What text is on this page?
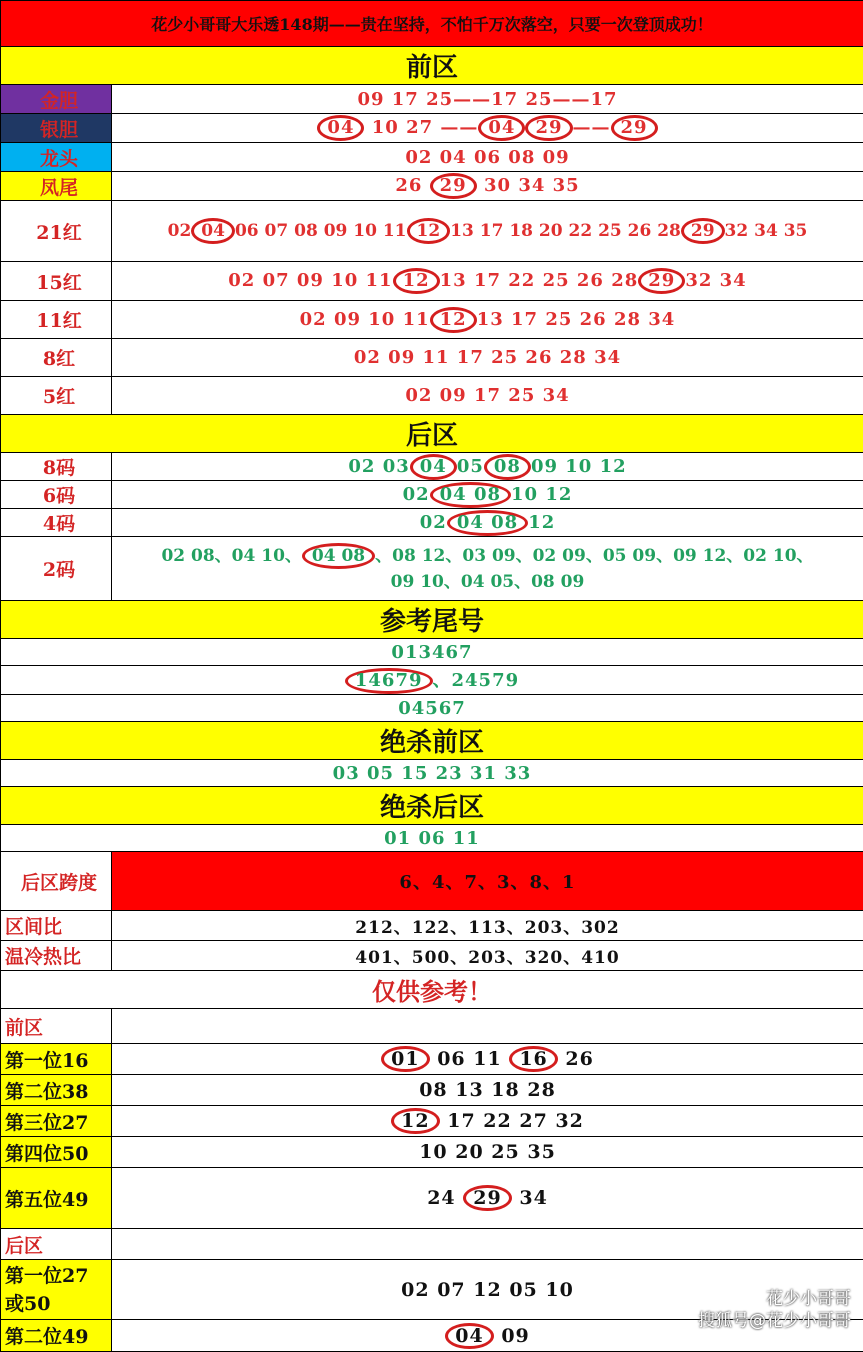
花少小哥哥大乐透148期——贵在坚持，不怕千万次落空，只要一次登顶成功！	
前区	
金胆	09 17 25——17 25——17
银胆	04 10 27 —— 04 29 —— 29
龙头	02 04 06 08 09
凤尾	26 29 30 34 35
21红	02 04 06 07 08 09 10 11 12 13 17 18 20 22 25 26 28 29 32 34 35
15红	02 07 09 10 11 12 13 17 22 25 26 28 29 32 34
11红	02 09 10 11 12 13 17 25 26 28 34
8红	02 09 11 17 25 26 28 34
5红	02 09 17 25 34
后区	
8码	02 03 04 05 08 09 10 12
6码	02 04 08 10 12
4码	02 04 08 12
2码	02 08、04 10、 04 08 、08 12、03 09、02 09、05 09、09 12、02 10、
09 10、04 05、08 09

参考尾号	
013467	
14679 、24579	
04567	
绝杀前区	
03 05 15 23 31 33	
绝杀后区	
01 06 11	
后区跨度	6、4、7、3、8、1
区间比	212、122、113、203、302
温冷热比	401、500、203、320、410
仅供参考！	
前区	
第一位16	01 06 11 16 26
第二位38	08 13 18 28
第三位27	12 17 22 27 32
第四位50	10 20 25 35
第五位49	24 29 34
后区	

第一位27
或50	02 07 12 05 10
第二位49	04 09
花少小哥哥
搜狐号@花少小哥哥
